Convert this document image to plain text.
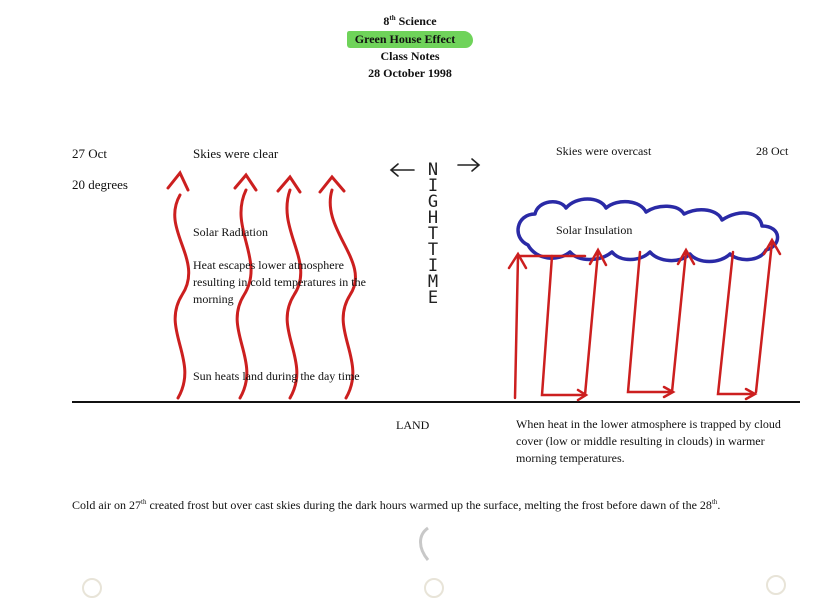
8th Science
Green House Effect
Class Notes
28 October 1998
27 Oct
20 degrees
Skies were clear
Solar Radiation
Heat escapes lower atmosphere resulting in cold temperatures in the morning
Sun heats land during the day time
NIGHT TIME
LAND
Skies were overcast	28 Oct
Solar Insulation
When heat in the lower atmosphere is trapped by cloud cover (low or middle resulting in clouds) in warmer morning temperatures.
Cold air on 27th created frost but over cast skies during the dark hours warmed up the surface, melting the frost before dawn of the 28th.
